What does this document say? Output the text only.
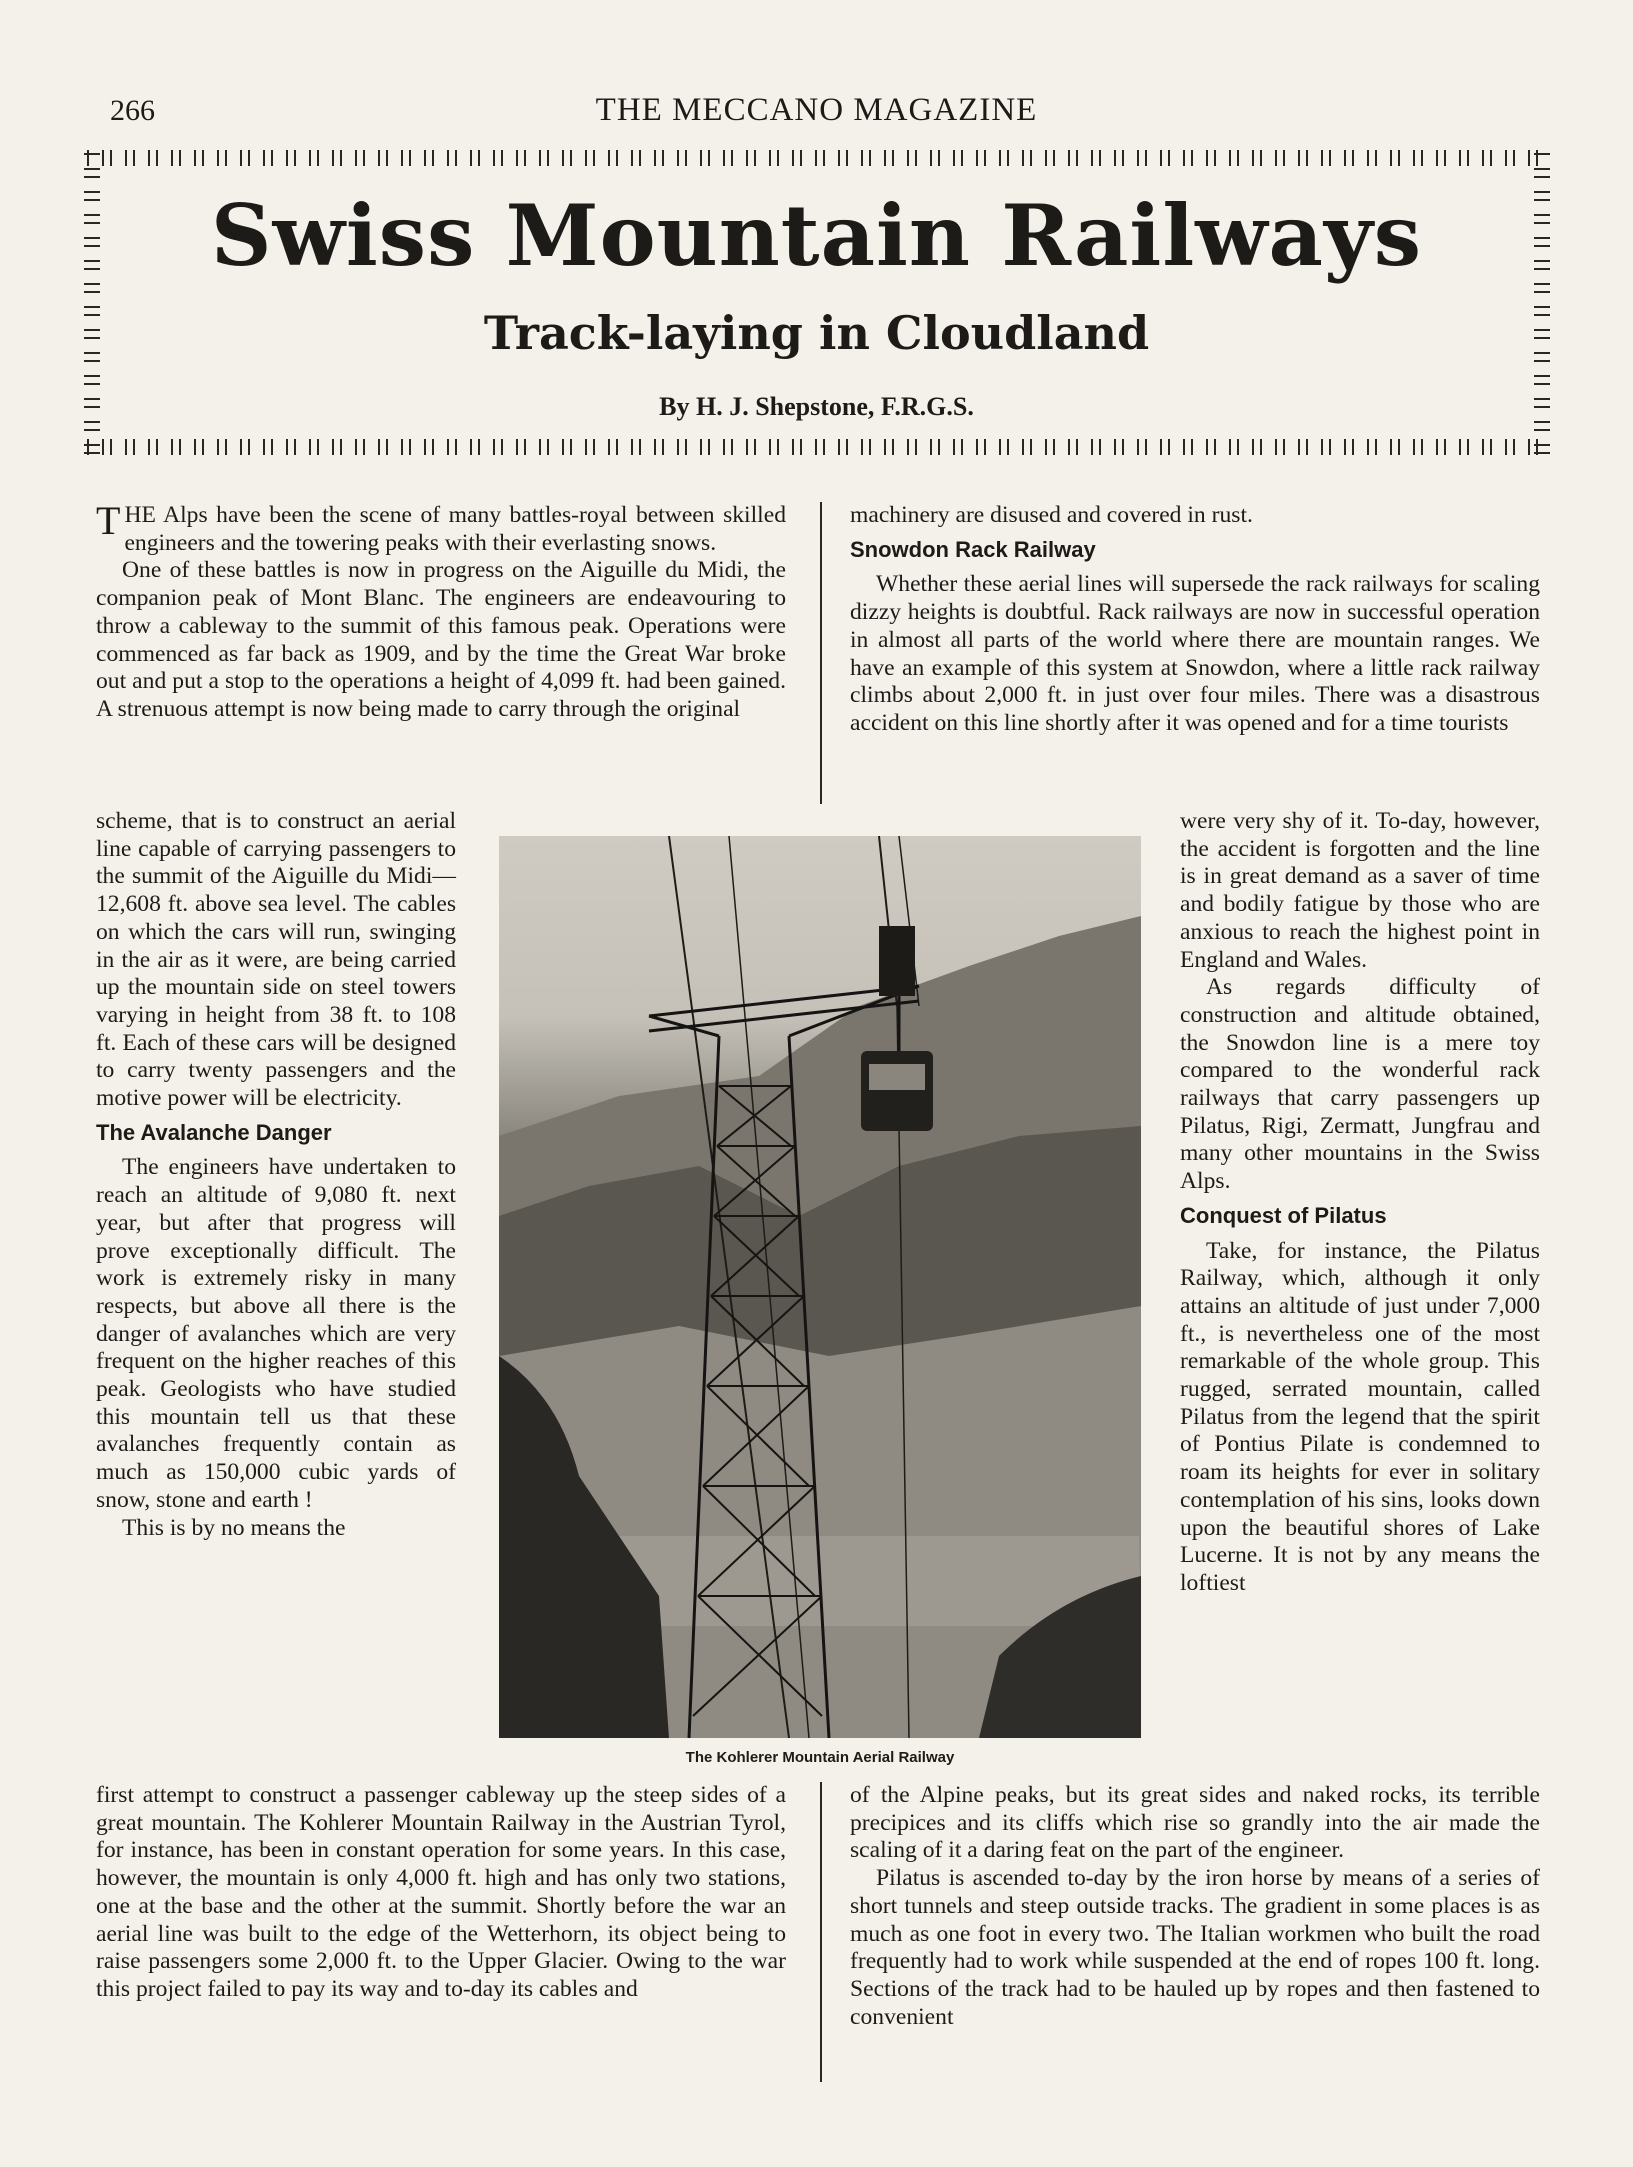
266	THE MECCANO MAGAZINE
Swiss Mountain Railways
Track-laying in Cloudland
By H. J. Shepstone, F.R.G.S.

THE Alps have been the scene of many battles-royal between skilled engineers and the towering peaks with their everlasting snows.

One of these battles is now in progress on the Aiguille du Midi, the companion peak of Mont Blanc. The engineers are endeavouring to throw a cableway to the summit of this famous peak. Operations were commenced as far back as 1909, and by the time the Great War broke out and put a stop to the operations a height of 4,099 ft. had been gained. A strenuous attempt is now being made to carry through the original

scheme, that is to construct an aerial line capable of carrying passengers to the summit of the Aiguille du Midi—12,608 ft. above sea level. The cables on which the cars will run, swinging in the air as it were, are being carried up the mountain side on steel towers varying in height from 38 ft. to 108 ft. Each of these cars will be designed to carry twenty passengers and the motive power will be electricity.

The Avalanche Danger

The engineers have undertaken to reach an altitude of 9,080 ft. next year, but after that progress will prove exceptionally difficult. The work is extremely risky in many respects, but above all there is the danger of avalanches which are very frequent on the higher reaches of this peak. Geologists who have studied this mountain tell us that these avalanches frequently contain as much as 150,000 cubic yards of snow, stone and earth !

This is by no means the

first attempt to construct a passenger cableway up the steep sides of a great mountain. The Kohlerer Mountain Railway in the Austrian Tyrol, for instance, has been in constant operation for some years. In this case, however, the mountain is only 4,000 ft. high and has only two stations, one at the base and the other at the summit. Shortly before the war an aerial line was built to the edge of the Wetterhorn, its object being to raise passengers some 2,000 ft. to the Upper Glacier. Owing to the war this project failed to pay its way and to-day its cables and

machinery are disused and covered in rust.

Snowdon Rack Railway

Whether these aerial lines will supersede the rack railways for scaling dizzy heights is doubtful. Rack railways are now in successful operation in almost all parts of the world where there are mountain ranges. We have an example of this system at Snowdon, where a little rack railway climbs about 2,000 ft. in just over four miles. There was a disastrous accident on this line shortly after it was opened and for a time tourists

were very shy of it. To-day, however, the accident is forgotten and the line is in great demand as a saver of time and bodily fatigue by those who are anxious to reach the highest point in England and Wales.

As regards difficulty of construction and altitude obtained, the Snowdon line is a mere toy compared to the wonderful rack railways that carry passengers up Pilatus, Rigi, Zermatt, Jungfrau and many other mountains in the Swiss Alps.

Conquest of Pilatus

Take, for instance, the Pilatus Railway, which, although it only attains an altitude of just under 7,000 ft., is nevertheless one of the most remarkable of the whole group. This rugged, serrated mountain, called Pilatus from the legend that the spirit of Pontius Pilate is condemned to roam its heights for ever in solitary contemplation of his sins, looks down upon the beautiful shores of Lake Lucerne. It is not by any means the loftiest

of the Alpine peaks, but its great sides and naked rocks, its terrible precipices and its cliffs which rise so grandly into the air made the scaling of it a daring feat on the part of the engineer.

Pilatus is ascended to-day by the iron horse by means of a series of short tunnels and steep outside tracks. The gradient in some places is as much as one foot in every two. The Italian workmen who built the road frequently had to work while suspended at the end of ropes 100 ft. long. Sections of the track had to be hauled up by ropes and then fastened to convenient

The Kohlerer Mountain Aerial Railway
